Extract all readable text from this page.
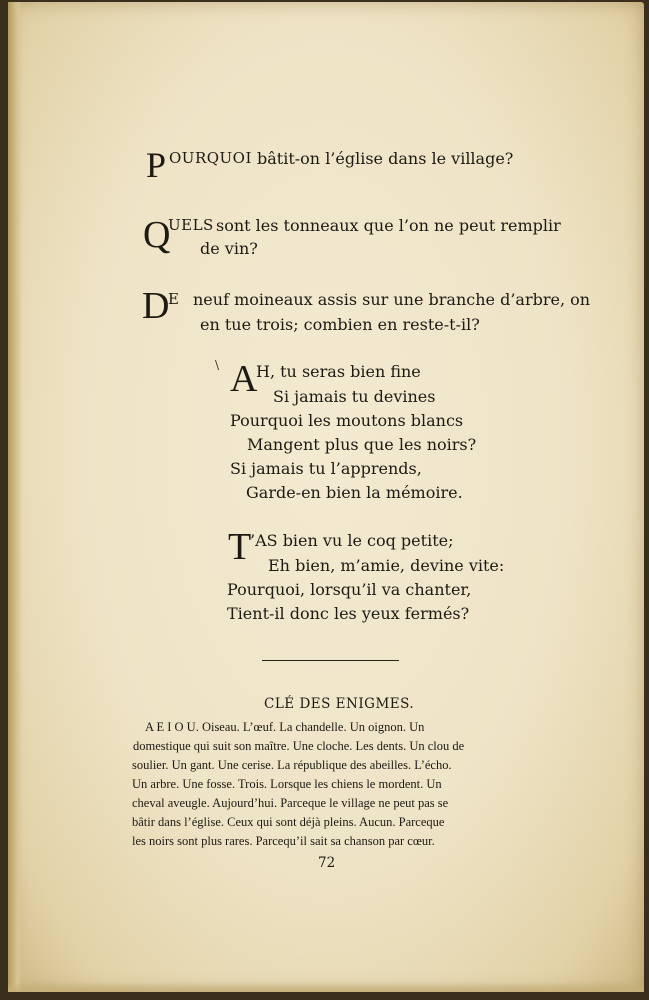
P OURQUOI bâtit-on l’église dans le village?
Q
UELS sont les tonneaux que l’on ne peut remplir
de vin?
D
E neuf moineaux assis sur une branche d’arbre, on
en tue trois; combien en reste-t-il?
\ A
H, tu seras bien fine
Si jamais tu devines
Pourquoi les moutons blancs
Mangent plus que les noirs?
Si jamais tu l’apprends,
Garde-en bien la mémoire.
T
’AS bien vu le coq petite;
Eh bien, m’amie, devine vite:
Pourquoi, lorsqu’il va chanter,
Tient-il donc les yeux fermés?
CLÉ DES ENIGMES.
A E I O U. Oiseau. L’œuf. La chandelle. Un oignon. Un
domestique qui suit son maître. Une cloche. Les dents. Un clou de
soulier. Un gant. Une cerise. La république des abeilles. L’écho.
Un arbre. Une fosse. Trois. Lorsque les chiens le mordent. Un
cheval aveugle. Aujourd’hui. Parceque le village ne peut pas se
bâtir dans l’église. Ceux qui sont déjà pleins. Aucun. Parceque
les noirs sont plus rares. Parcequ’il sait sa chanson par cœur.
72
